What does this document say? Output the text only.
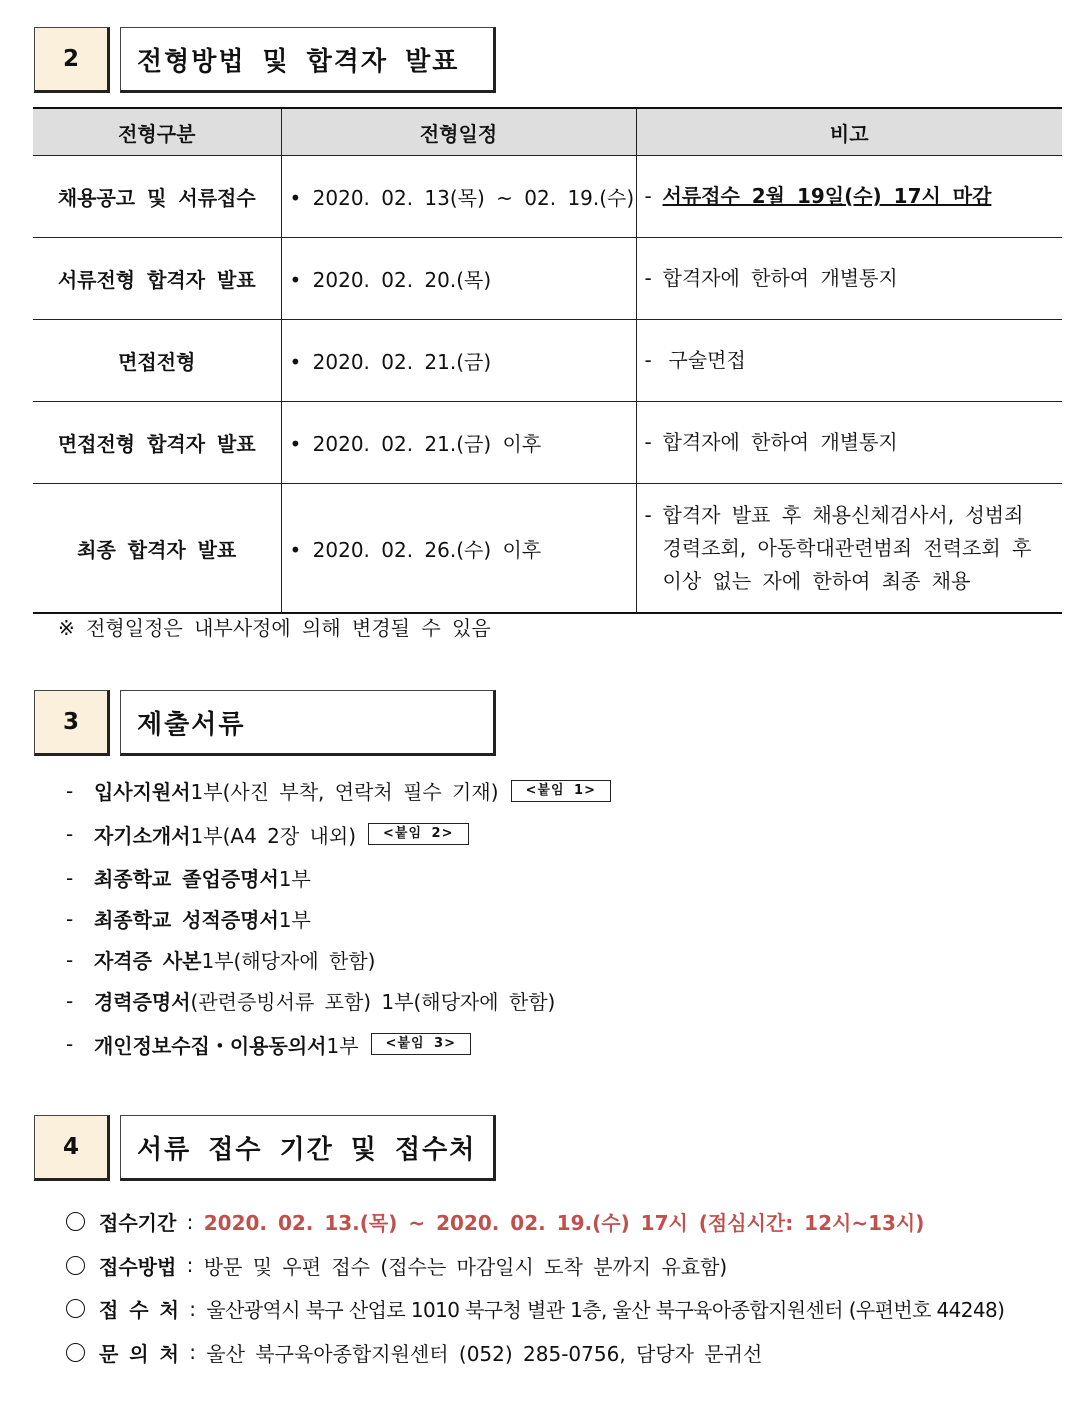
2	전형방법 및 합격자 발표
전형구분	전형일정	비고
채용공고 및 서류접수	• 2020. 02. 13(목) ~ 02. 19.(수)	- 서류접수 2월 19일(수) 17시 마감

서류전형 합격자 발표	• 2020. 02. 20.(목)	- 합격자에 한하여 개별통지

면접전형	• 2020. 02. 21.(금)	- 구술면접

면접전형 합격자 발표	• 2020. 02. 21.(금) 이후	- 합격자에 한하여 개별통지

최종 합격자 발표	• 2020. 02. 26.(수) 이후	- 합격자 발표 후 채용신체검사서, 성범죄
경력조회, 아동학대관련범죄 전력조회 후
이상 없는 자에 한하여 최종 채용
※ 전형일정은 내부사정에 의해 변경될 수 있음
3	제출서류
- 입사지원서 1부(사진 부착, 연락처 필수 기재)	<붙임 1>
- 자기소개서 1부(A4 2장 내외)	<붙임 2>
- 최종학교 졸업증명서 1부
- 최종학교 성적증명서 1부
- 자격증 사본 1부(해당자에 한함)
- 경력증명서 (관련증빙서류 포함) 1부(해당자에 한함)
- 개인정보수집・이용동의서 1부	<붙임 3>
4	서류 접수 기간 및 접수처
접수기간 : 2020. 02. 13.(목) ~ 2020. 02. 19.(수) 17시 (점심시간: 12시~13시)
접수방법 : 방문 및 우편 접수 (접수는 마감일시 도착 분까지 유효함)
접 수 처 : 울산광역시 북구 산업로 1010 북구청 별관 1층, 울산 북구육아종합지원센터 (우편번호 44248)
문 의 처 : 울산 북구육아종합지원센터 (052) 285-0756, 담당자 문귀선
